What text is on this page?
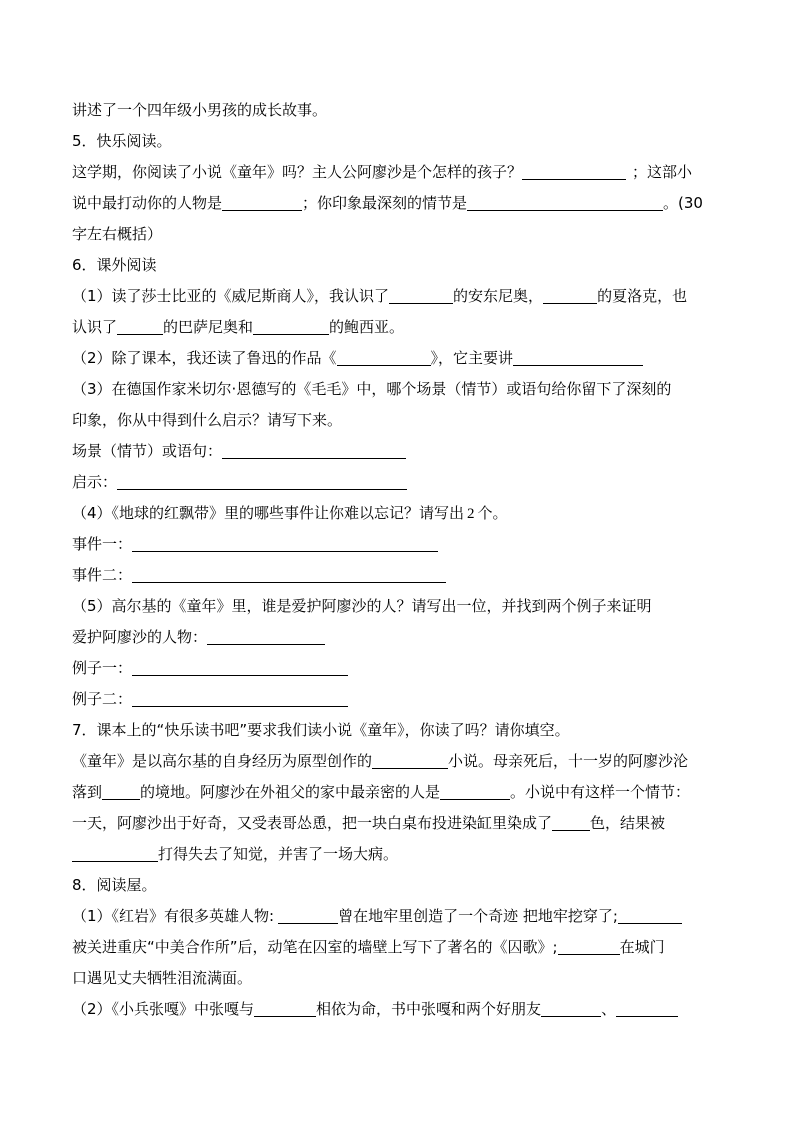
讲述了一个四年级小男孩的成长故事。
5．快乐阅读。
这学期，你阅读了小说《童年》吗？主人公阿廖沙是个怎样的孩子？	；这部小
说中最打动你的人物是	；你印象最深刻的情节是	。(30
字左右概括）
6．课外阅读
（1）读了莎士比亚的《威尼斯商人》，我认识了	的安东尼奥，	的夏洛克，也
认识了	的巴萨尼奥和	的鲍西亚。
（2）除了课本，我还读了鲁迅的作品《	》，它主要讲
（3）在德国作家米切尔·恩德写的《毛毛》中，哪个场景（情节）或语句给你留下了深刻的
印象，你从中得到什么启示？请写下来。
场景（情节）或语句：
启示：
（4）《地球的红飘带》里的哪些事件让你难以忘记？请写出 2 个。
事件一：
事件二：
（5）高尔基的《童年》里，谁是爱护阿廖沙的人？请写出一位，并找到两个例子来证明
爱护阿廖沙的人物：
例子一：
例子二：
7．课本上的“快乐读书吧”要求我们读小说《童年》，你读了吗？请你填空。
《童年》是以高尔基的自身经历为原型创作的	小说。母亲死后，十一岁的阿廖沙沦
落到	的境地。阿廖沙在外祖父的家中最亲密的人是	。小说中有这样一个情节：
一天，阿廖沙出于好奇，又受表哥怂恿，把一块白桌布投进染缸里染成了	色，结果被
打得失去了知觉，并害了一场大病。
8．阅读屋。
（1）《红岩》有很多英雄人物:	曾在地牢里创造了一个奇迹 把地牢挖穿了;
被关进重庆“中美合作所”后，动笔在囚室的墙壁上写下了著名的《囚歌》;	在城门
口遇见丈夫牺牲泪流满面。
（2）《小兵张嘎》中张嘎与	相依为命，书中张嘎和两个好朋友	、
